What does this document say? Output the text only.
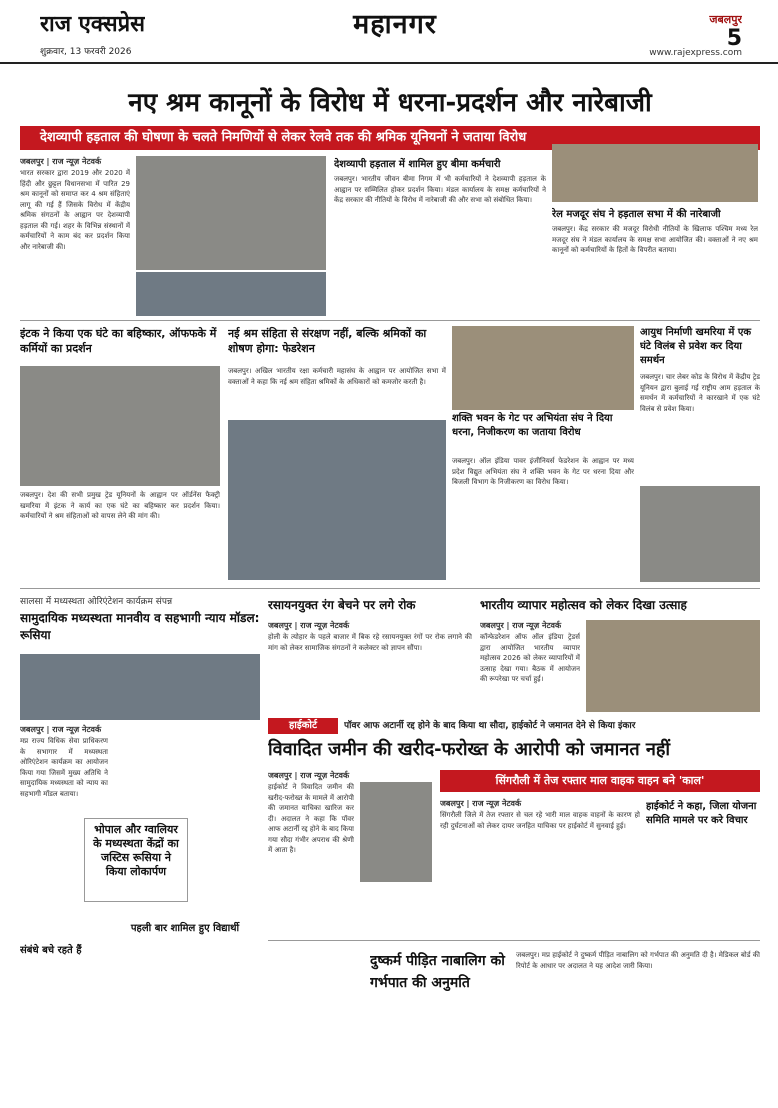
राज एक्सप्रेस
शुक्रवार, 13 फरवरी 2026
महानगर	जबलपुर
5
www.rajexpress.com
नए श्रम कानूनों के विरोध में धरना-प्रदर्शन और नारेबाजी
देशव्यापी हड़ताल की घोषणा के चलते निमणियों से लेकर रेलवे तक की श्रमिक यूनियनों ने जताया विरोध
जबलपुर | राज न्यूज़ नेटवर्क
भारत सरकार द्वारा 2019 और 2020 में हिंदी और छुट्टल विधानसभा में पारित 29 श्रम कानूनों को समाप्त कर 4 श्रम संहिताएं लागू की गई हैं जिसके विरोध में केंद्रीय श्रमिक संगठनों के आह्वान पर देशव्यापी हड़ताल की गई। शहर के विभिन्न संस्थानों में कर्मचारियों ने काम बंद कर प्रदर्शन किया और नारेबाजी की।
देशव्यापी हड़ताल में शामिल हुए बीमा कर्मचारी
जबलपुर। भारतीय जीवन बीमा निगम में भी कर्मचारियों ने देशव्यापी हड़ताल के आह्वान पर सम्मिलित होकर प्रदर्शन किया। मंडल कार्यालय के समक्ष कर्मचारियों ने केंद्र सरकार की नीतियों के विरोध में नारेबाजी की और सभा को संबोधित किया।
रेल मजदूर संघ ने हड़ताल सभा में की नारेबाजी
जबलपुर। केंद्र सरकार की मजदूर विरोधी नीतियों के खिलाफ पश्चिम मध्य रेल मजदूर संघ ने मंडल कार्यालय के समक्ष सभा आयोजित की। वक्ताओं ने नए श्रम कानूनों को कर्मचारियों के हितों के विपरीत बताया।
इंटक ने किया एक घंटे का बहिष्कार, ऑफफके में कर्मियों का प्रदर्शन
जबलपुर। देश की सभी प्रमुख ट्रेड यूनियनों के आह्वान पर ऑर्डनेंस फैक्ट्री खमरिया में इंटक ने कार्य का एक घंटे का बहिष्कार कर प्रदर्शन किया। कर्मचारियों ने श्रम संहिताओं को वापस लेने की मांग की।
नई श्रम संहिता से संरक्षण नहीं, बल्कि श्रमिकों का शोषण होगा: फेडरेशन
जबलपुर। अखिल भारतीय रक्षा कर्मचारी महासंघ के आह्वान पर आयोजित सभा में वक्ताओं ने कहा कि नई श्रम संहिता श्रमिकों के अधिकारों को कमजोर करती है।
शक्ति भवन के गेट पर अभियंता संघ ने दिया धरना, निजीकरण का जताया विरोध
जबलपुर। ऑल इंडिया पावर इंजीनियर्स फेडरेशन के आह्वान पर मध्य प्रदेश विद्युत अभियंता संघ ने शक्ति भवन के गेट पर धरना दिया और बिजली विभाग के निजीकरण का विरोध किया।
आयुध निर्माणी खमरिया में एक घंटे विलंब से प्रवेश कर दिया समर्थन
जबलपुर। चार लेबर कोड के विरोध में केंद्रीय ट्रेड यूनियन द्वारा बुलाई गई राष्ट्रीय आम हड़ताल के समर्थन में कर्मचारियों ने कारखाने में एक घंटे विलंब से प्रवेश किया।
सालसा में मध्यस्थता ओरिएंटेशन कार्यक्रम संपन्न
सामुदायिक मध्यस्थता मानवीय व सहभागी न्याय मॉडल: रूसिया
जबलपुर | राज न्यूज़ नेटवर्क
मप्र राज्य विधिक सेवा प्राधिकरण के सभागार में मध्यस्थता ओरिएंटेशन कार्यक्रम का आयोजन किया गया जिसमें मुख्य अतिथि ने सामुदायिक मध्यस्थता को न्याय का सहभागी मॉडल बताया।
भोपाल और ग्वालियर के मध्यस्थता केंद्रों का जस्टिस रूसिया ने किया लोकार्पण
संबंधे बचे रहते हैं
पहली बार शामिल हुए विद्यार्थी
रसायनयुक्त रंग बेचने पर लगे रोक
जबलपुर | राज न्यूज़ नेटवर्क
होली के त्योहार के पहले बाजार में बिक रहे रसायनयुक्त रंगों पर रोक लगाने की मांग को लेकर सामाजिक संगठनों ने कलेक्टर को ज्ञापन सौंपा।
भारतीय व्यापार महोत्सव को लेकर दिखा उत्साह
जबलपुर | राज न्यूज़ नेटवर्क
कॉन्फेडरेशन ऑफ ऑल इंडिया ट्रेडर्स द्वारा आयोजित भारतीय व्यापार महोत्सव 2026 को लेकर व्यापारियों में उत्साह देखा गया। बैठक में आयोजन की रूपरेखा पर चर्चा हुई।
हाईकोर्ट	पॉवर आफ अटार्नी रद्द होने के बाद किया था सौदा, हाईकोर्ट ने जमानत देने से किया इंकार
विवादित जमीन की खरीद-फरोख्त के आरोपी को जमानत नहीं
जबलपुर | राज न्यूज़ नेटवर्क
हाईकोर्ट ने विवादित जमीन की खरीद-फरोख्त के मामले में आरोपी की जमानत याचिका खारिज कर दी। अदालत ने कहा कि पॉवर आफ अटार्नी रद्द होने के बाद किया गया सौदा गंभीर अपराध की श्रेणी में आता है।
सिंगरौली में तेज रफ्तार माल वाहक वाहन बने 'काल'
जबलपुर | राज न्यूज़ नेटवर्क
सिंगरौली जिले में तेज रफ्तार से चल रहे भारी माल वाहक वाहनों के कारण हो रही दुर्घटनाओं को लेकर दायर जनहित याचिका पर हाईकोर्ट में सुनवाई हुई।
हाईकोर्ट ने कहा, जिला योजना समिति मामले पर करे विचार
दुष्कर्म पीड़ित नाबालिग को गर्भपात की अनुमति
जबलपुर। मप्र हाईकोर्ट ने दुष्कर्म पीड़ित नाबालिग को गर्भपात की अनुमति दी है। मेडिकल बोर्ड की रिपोर्ट के आधार पर अदालत ने यह आदेश जारी किया।
